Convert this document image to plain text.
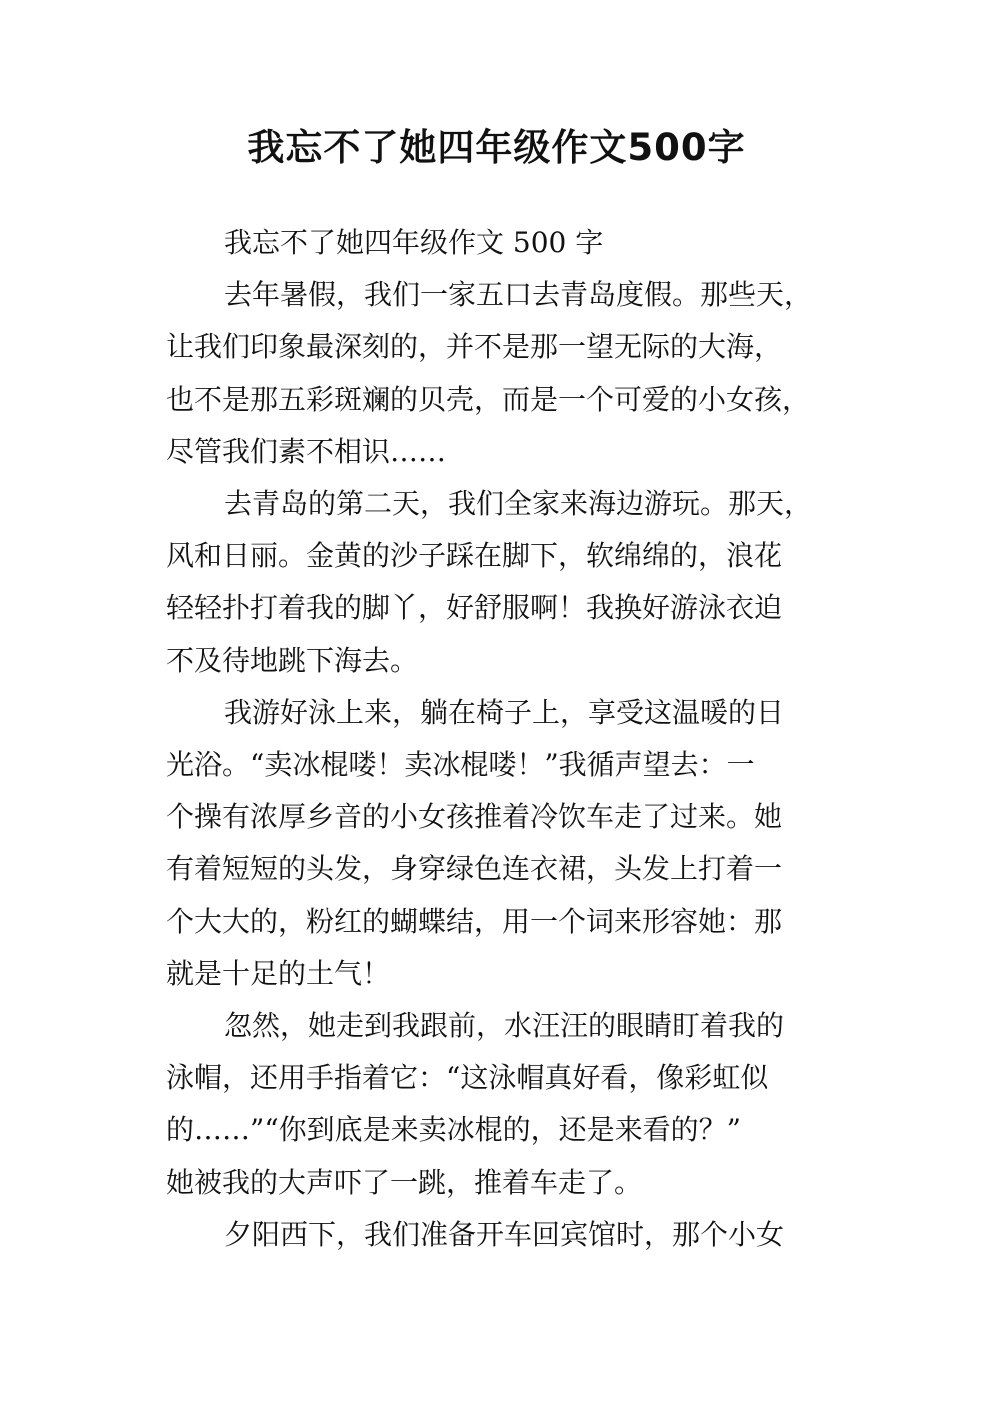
我忘不了她四年级作文500字
我忘不了她四年级作文 500 字
去年暑假，我们一家五口去青岛度假。那些天，
让我们印象最深刻的，并不是那一望无际的大海，
也不是那五彩斑斓的贝壳，而是一个可爱的小女孩，
尽管我们素不相识……
去青岛的第二天，我们全家来海边游玩。那天，
风和日丽。金黄的沙子踩在脚下，软绵绵的，浪花
轻轻扑打着我的脚丫，好舒服啊！我换好游泳衣迫
不及待地跳下海去。
我游好泳上来，躺在椅子上，享受这温暖的日
光浴。“卖冰棍喽！卖冰棍喽！”我循声望去：一
个操有浓厚乡音的小女孩推着冷饮车走了过来。她
有着短短的头发，身穿绿色连衣裙，头发上打着一
个大大的，粉红的蝴蝶结，用一个词来形容她：那
就是十足的土气！
忽然，她走到我跟前，水汪汪的眼睛盯着我的
泳帽，还用手指着它：“这泳帽真好看，像彩虹似
的……”“你到底是来卖冰棍的，还是来看的？”
她被我的大声吓了一跳，推着车走了。
夕阳西下，我们准备开车回宾馆时，那个小女
